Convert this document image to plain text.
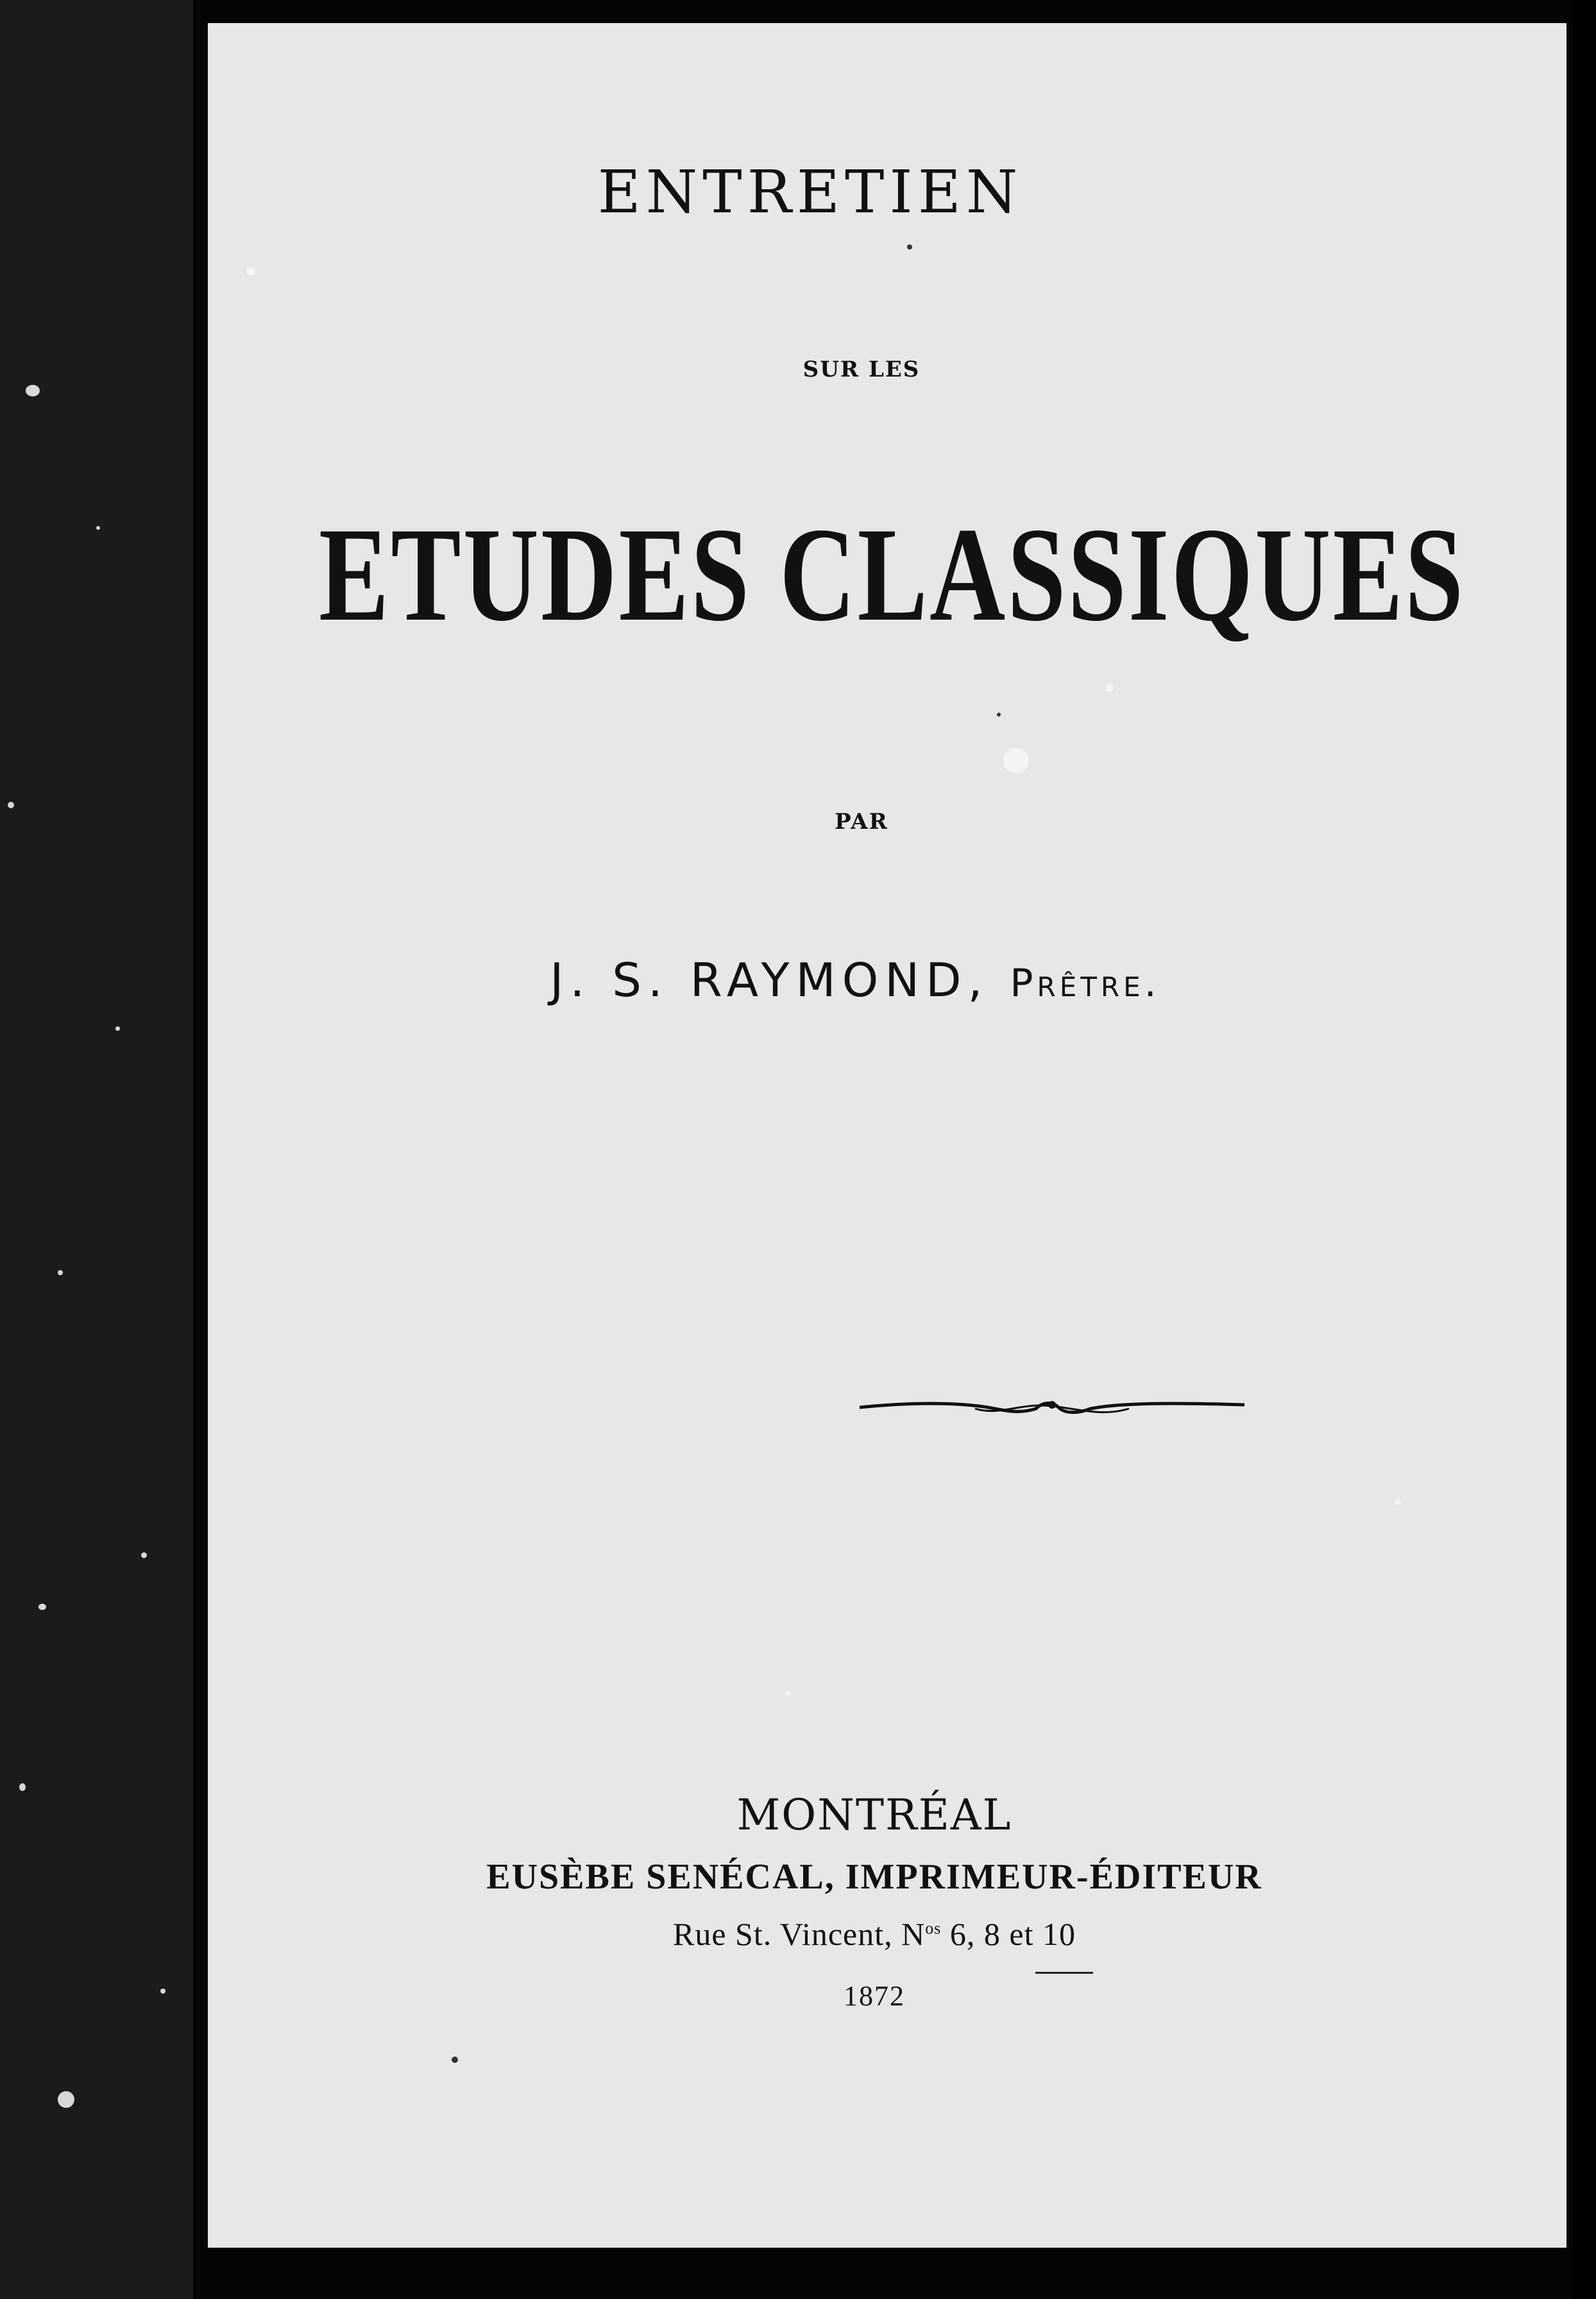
ENTRETIEN
SUR LES
ETUDES CLASSIQUES
PAR
J. S. RAYMOND, Prêtre.
MONTRÉAL
EUSÈBE SENÉCAL, IMPRIMEUR-ÉDITEUR
Rue St. Vincent, $N^{os}$ 6, 8 et 10
1872
